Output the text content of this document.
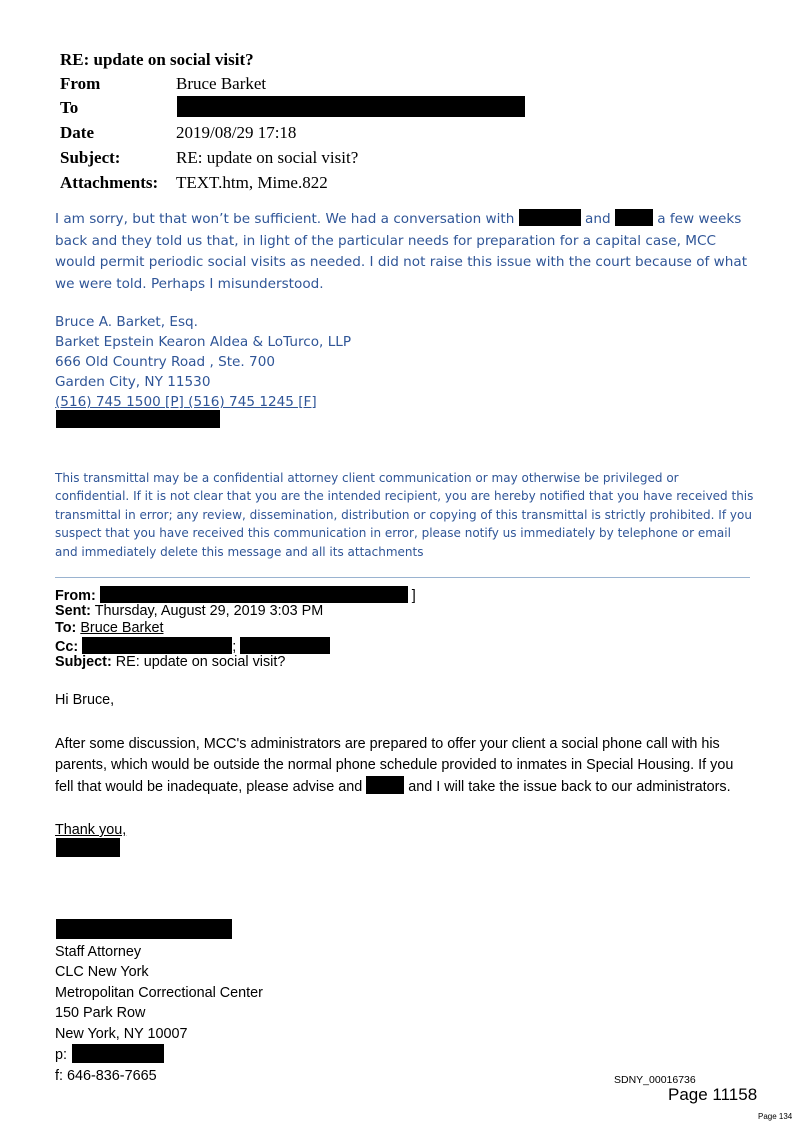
RE: update on social visit?
From	Bruce Barket
To
Date	2019/08/29 17:18
Subject:	RE: update on social visit?
Attachments: TEXT.htm, Mime.822
I am sorry, but that won’t be sufficient. We had a conversation with	and	a few weeks back and they told us that, in light of the particular needs for preparation for a capital case, MCC would permit periodic social visits as needed. I did not raise this issue with the court because of what we were told. Perhaps I misunderstood.
Bruce A. Barket, Esq.
Barket Epstein Kearon Aldea & LoTurco, LLP
666 Old Country Road , Ste. 700
Garden City, NY 11530
(516) 745 1500 [P] (516) 745 1245 [F]
This transmittal may be a confidential attorney client communication or may otherwise be privileged or confidential. If it is not clear that you are the intended recipient, you are hereby notified that you have received this transmittal in error; any review, dissemination, distribution or copying of this transmittal is strictly prohibited. If you suspect that you have received this communication in error, please notify us immediately by telephone or email and immediately delete this message and all its attachments
From:	]
Sent: Thursday, August 29, 2019 3:03 PM
To: Bruce Barket
Cc:	;
Subject: RE: update on social visit?
Hi Bruce,
After some discussion, MCC's administrators are prepared to offer your client a social phone call with his parents, which would be outside the normal phone schedule provided to inmates in Special Housing. If you fell that would be inadequate, please advise and	and I will take the issue back to our administrators.
Thank you,
Staff Attorney
CLC New York
Metropolitan Correctional Center
150 Park Row
New York, NY 10007
p:
f: 646-836-7665	SDNY_00016736
Page 11158
Page 134
